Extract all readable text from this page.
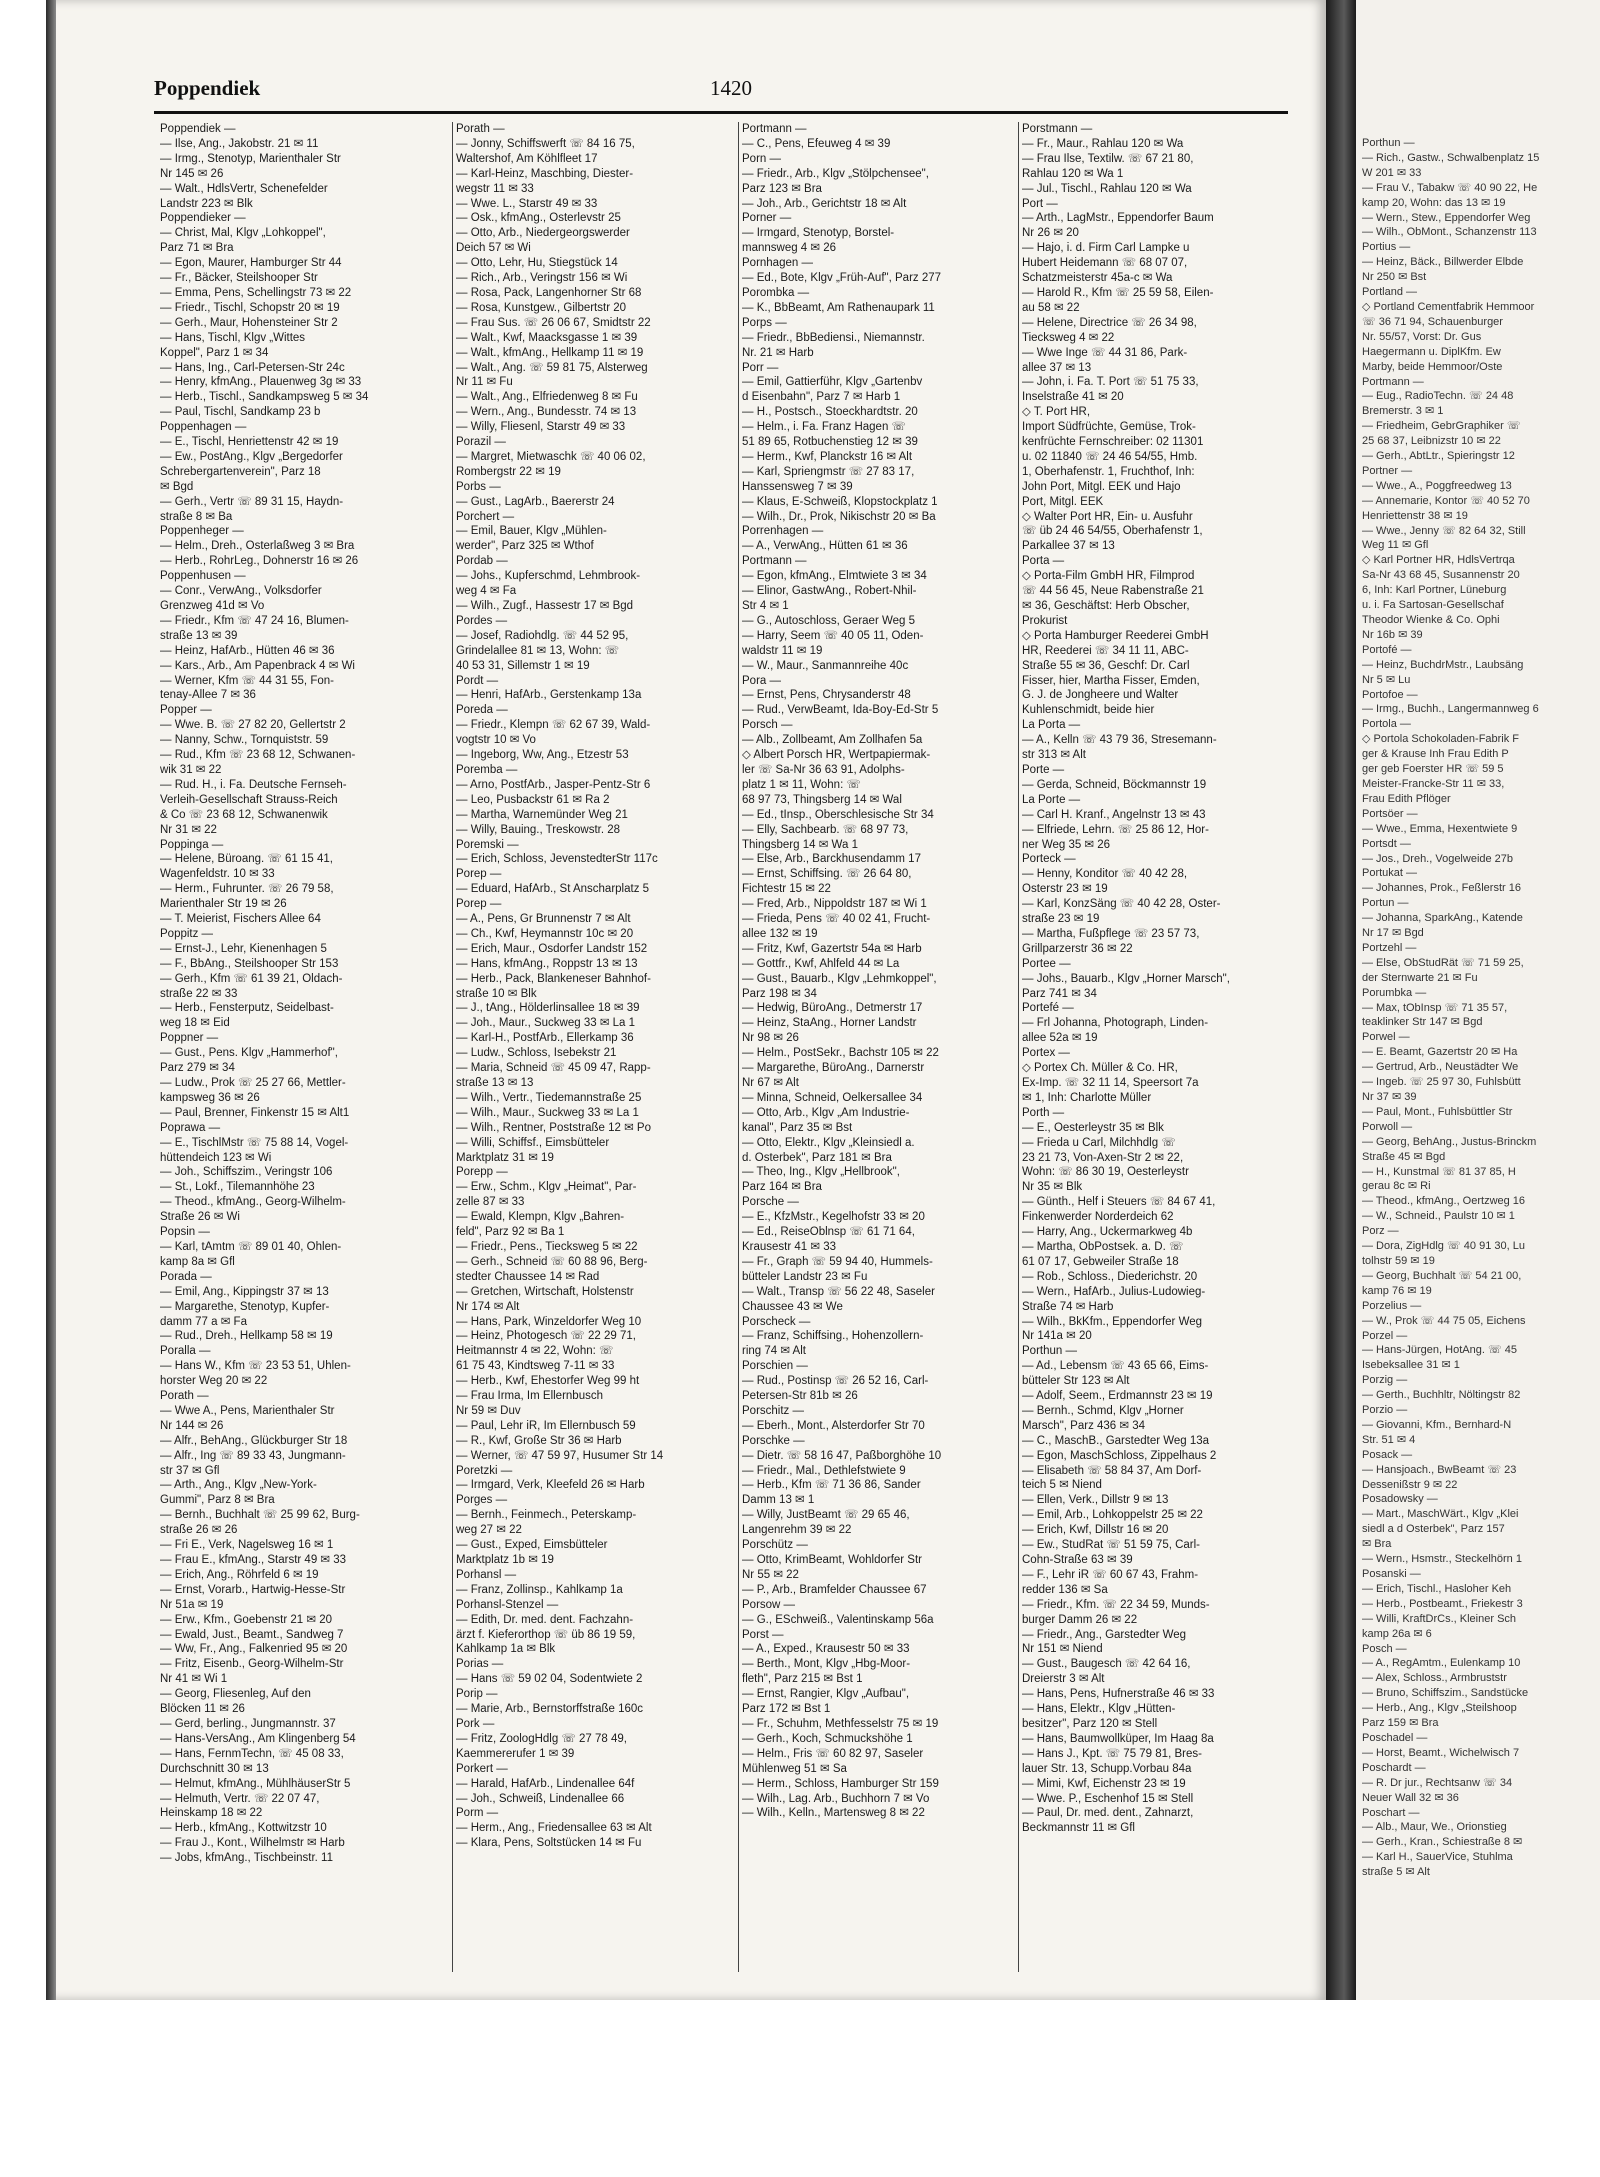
Poppendiek	1420
Poppendiek —
— Ilse, Ang., Jakobstr. 21 ✉ 11
— Irmg., Stenotyp, Marienthaler Str
Nr 145 ✉ 26
— Walt., HdlsVertr, Schenefelder
Landstr 223 ✉ Blk
Poppendieker —
— Christ, Mal, Klgv „Lohkoppel",
Parz 71 ✉ Bra
— Egon, Maurer, Hamburger Str 44
— Fr., Bäcker, Steilshooper Str
— Emma, Pens, Schellingstr 73 ✉ 22
— Friedr., Tischl, Schopstr 20 ✉ 19
— Gerh., Maur, Hohensteiner Str 2
— Hans, Tischl, Klgv „Wittes
Koppel", Parz 1 ✉ 34
— Hans, Ing., Carl-Petersen-Str 24c
— Henry, kfmAng., Plauenweg 3g ✉ 33
— Herb., Tischl., Sandkampsweg 5 ✉ 34
— Paul, Tischl, Sandkamp 23 b
Poppenhagen —
— E., Tischl, Henriettenstr 42 ✉ 19
— Ew., PostAng., Klgv „Bergedorfer
Schrebergartenverein", Parz 18
✉ Bgd
— Gerh., Vertr ☏ 89 31 15, Haydn-
straße 8 ✉ Ba
Poppenheger —
— Helm., Dreh., Osterlaßweg 3 ✉ Bra
— Herb., RohrLeg., Dohnerstr 16 ✉ 26
Poppenhusen —
— Conr., VerwAng., Volksdorfer
Grenzweg 41d ✉ Vo
— Friedr., Kfm ☏ 47 24 16, Blumen-
straße 13 ✉ 39
— Heinz, HafArb., Hütten 46 ✉ 36
— Kars., Arb., Am Papenbrack 4 ✉ Wi
— Werner, Kfm ☏ 44 31 55, Fon-
tenay-Allee 7 ✉ 36
Popper —
— Wwe. B. ☏ 27 82 20, Gellertstr 2
— Nanny, Schw., Tornquiststr. 59
— Rud., Kfm ☏ 23 68 12, Schwanen-
wik 31 ✉ 22
— Rud. H., i. Fa. Deutsche Fernseh-
Verleih-Gesellschaft Strauss-Reich
& Co ☏ 23 68 12, Schwanenwik
Nr 31 ✉ 22
Poppinga —
— Helene, Büroang. ☏ 61 15 41,
Wagenfeldstr. 10 ✉ 33
— Herm., Fuhrunter. ☏ 26 79 58,
Marienthaler Str 19 ✉ 26
— T. Meierist, Fischers Allee 64
Poppitz —
— Ernst-J., Lehr, Kienenhagen 5
— F., BbAng., Steilshooper Str 153
— Gerh., Kfm ☏ 61 39 21, Oldach-
straße 22 ✉ 33
— Herb., Fensterputz, Seidelbast-
weg 18 ✉ Eid
Poppner —
— Gust., Pens. Klgv „Hammerhof",
Parz 279 ✉ 34
— Ludw., Prok ☏ 25 27 66, Mettler-
kampsweg 36 ✉ 26
— Paul, Brenner, Finkenstr 15 ✉ Alt1
Poprawa —
— E., TischlMstr ☏ 75 88 14, Vogel-
hüttendeich 123 ✉ Wi
— Joh., Schiffszim., Veringstr 106
— St., Lokf., Tilemannhöhe 23
— Theod., kfmAng., Georg-Wilhelm-
Straße 26 ✉ Wi
Popsin —
— Karl, tAmtm ☏ 89 01 40, Ohlen-
kamp 8a ✉ Gfl
Porada —
— Emil, Ang., Kippingstr 37 ✉ 13
— Margarethe, Stenotyp, Kupfer-
damm 77 a ✉ Fa
— Rud., Dreh., Hellkamp 58 ✉ 19
Poralla —
— Hans W., Kfm ☏ 23 53 51, Uhlen-
horster Weg 20 ✉ 22
Porath —
— Wwe A., Pens, Marienthaler Str
Nr 144 ✉ 26
— Alfr., BehAng., Glückburger Str 18
— Alfr., Ing ☏ 89 33 43, Jungmann-
str 37 ✉ Gfl
— Arth., Ang., Klgv „New-York-
Gummi", Parz 8 ✉ Bra
— Bernh., Buchhalt ☏ 25 99 62, Burg-
straße 26 ✉ 26
— Fri E., Verk, Nagelsweg 16 ✉ 1
— Frau E., kfmAng., Starstr 49 ✉ 33
— Erich, Ang., Röhrfeld 6 ✉ 19
— Ernst, Vorarb., Hartwig-Hesse-Str
Nr 51a ✉ 19
— Erw., Kfm., Goebenstr 21 ✉ 20
— Ewald, Just., Beamt., Sandweg 7
— Ww, Fr., Ang., Falkenried 95 ✉ 20
— Fritz, Eisenb., Georg-Wilhelm-Str
Nr 41 ✉ Wi 1
— Georg, Fliesenleg, Auf den
Blöcken 11 ✉ 26
— Gerd, berling., Jungmannstr. 37
— Hans-VersAng., Am Klingenberg 54
— Hans, FernmTechn, ☏ 45 08 33,
Durchschnitt 30 ✉ 13
— Helmut, kfmAng., MühlhäuserStr 5
— Helmuth, Vertr. ☏ 22 07 47,
Heinskamp 18 ✉ 22
— Herb., kfmAng., Kottwitzstr 10
— Frau J., Kont., Wilhelmstr ✉ Harb
— Jobs, kfmAng., Tischbeinstr. 11
Porath —
— Jonny, Schiffswerft ☏ 84 16 75,
Waltershof, Am Köhlfleet 17
— Karl-Heinz, Maschbing, Diester-
wegstr 11 ✉ 33
— Wwe. L., Starstr 49 ✉ 33
— Osk., kfmAng., Osterlevstr 25
— Otto, Arb., Niedergeorgswerder
Deich 57 ✉ Wi
— Otto, Lehr, Hu, Stiegstück 14
— Rich., Arb., Veringstr 156 ✉ Wi
— Rosa, Pack, Langenhorner Str 68
— Rosa, Kunstgew., Gilbertstr 20
— Frau Sus. ☏ 26 06 67, Smidtstr 22
— Walt., Kwf, Maacksgasse 1 ✉ 39
— Walt., kfmAng., Hellkamp 11 ✉ 19
— Walt., Ang. ☏ 59 81 75, Alsterweg
Nr 11 ✉ Fu
— Walt., Ang., Elfriedenweg 8 ✉ Fu
— Wern., Ang., Bundesstr. 74 ✉ 13
— Willy, Fliesenl, Starstr 49 ✉ 33
Porazil —
— Margret, Mietwaschk ☏ 40 06 02,
Rombergstr 22 ✉ 19
Porbs —
— Gust., LagArb., Baererstr 24
Porchert —
— Emil, Bauer, Klgv „Mühlen-
werder", Parz 325 ✉ Wthof
Pordab —
— Johs., Kupferschmd, Lehmbrook-
weg 4 ✉ Fa
— Wilh., Zugf., Hassestr 17 ✉ Bgd
Pordes —
— Josef, Radiohdlg. ☏ 44 52 95,
Grindelallee 81 ✉ 13, Wohn: ☏
40 53 31, Sillemstr 1 ✉ 19
Pordt —
— Henri, HafArb., Gerstenkamp 13a
Poreda —
— Friedr., Klempn ☏ 62 67 39, Wald-
vogtstr 10 ✉ Vo
— Ingeborg, Ww, Ang., Etzestr 53
Poremba —
— Arno, PostfArb., Jasper-Pentz-Str 6
— Leo, Pusbackstr 61 ✉ Ra 2
— Martha, Warnemünder Weg 21
— Willy, Bauing., Treskowstr. 28
Poremski —
— Erich, Schloss, JevenstedterStr 117c
Porep —
— Eduard, HafArb., St Anscharplatz 5
Porep —
— A., Pens, Gr Brunnenstr 7 ✉ Alt
— Ch., Kwf, Heymannstr 10c ✉ 20
— Erich, Maur., Osdorfer Landstr 152
— Hans, kfmAng., Roppstr 13 ✉ 13
— Herb., Pack, Blankeneser Bahnhof-
straße 10 ✉ Blk
— J., tAng., Hölderlinsallee 18 ✉ 39
— Joh., Maur., Suckweg 33 ✉ La 1
— Karl-H., PostfArb., Ellerkamp 36
— Ludw., Schloss, Isebekstr 21
— Maria, Schneid ☏ 45 09 47, Rapp-
straße 13 ✉ 13
— Wilh., Vertr., Tiedemannstraße 25
— Wilh., Maur., Suckweg 33 ✉ La 1
— Wilh., Rentner, Poststraße 12 ✉ Po
— Willi, Schiffsf., Eimsbütteler
Marktplatz 31 ✉ 19
Porepp —
— Erw., Schm., Klgv „Heimat", Par-
zelle 87 ✉ 33
— Ewald, Klempn, Klgv „Bahren-
feld", Parz 92 ✉ Ba 1
— Friedr., Pens., Tiecksweg 5 ✉ 22
— Gerh., Schneid ☏ 60 88 96, Berg-
stedter Chaussee 14 ✉ Rad
— Gretchen, Wirtschaft, Holstenstr
Nr 174 ✉ Alt
— Hans, Park, Winzeldorfer Weg 10
— Heinz, Photogesch ☏ 22 29 71,
Heitmannstr 4 ✉ 22, Wohn: ☏
61 75 43, Kindtsweg 7-11 ✉ 33
— Herb., Kwf, Ehestorfer Weg 99 ht
— Frau Irma, Im Ellernbusch
Nr 59 ✉ Duv
— Paul, Lehr iR, Im Ellernbusch 59
— R., Kwf, Große Str 36 ✉ Harb
— Werner, ☏ 47 59 97, Husumer Str 14
Poretzki —
— Irmgard, Verk, Kleefeld 26 ✉ Harb
Porges —
— Bernh., Feinmech., Peterskamp-
weg 27 ✉ 22
— Gust., Exped, Eimsbütteler
Marktplatz 1b ✉ 19
Porhansl —
— Franz, Zollinsp., Kahlkamp 1a
Porhansl-Stenzel —
— Edith, Dr. med. dent. Fachzahn-
ärzt f. Kieferorthop ☏ üb 86 19 59,
Kahlkamp 1a ✉ Blk
Porias —
— Hans ☏ 59 02 04, Sodentwiete 2
Porip —
— Marie, Arb., Bernstorffstraße 160c
Pork —
— Fritz, ZoologHdlg ☏ 27 78 49,
Kaemmererufer 1 ✉ 39
Porkert —
— Harald, HafArb., Lindenallee 64f
— Joh., Schweiß, Lindenallee 66
Porm —
— Herm., Ang., Friedensallee 63 ✉ Alt
— Klara, Pens, Soltstücken 14 ✉ Fu
Portmann —
— C., Pens, Efeuweg 4 ✉ 39
Porn —
— Friedr., Arb., Klgv „Stölpchensee",
Parz 123 ✉ Bra
— Joh., Arb., Gerichtstr 18 ✉ Alt
Porner —
— Irmgard, Stenotyp, Borstel-
mannsweg 4 ✉ 26
Pornhagen —
— Ed., Bote, Klgv „Früh-Auf", Parz 277
Porombka —
— K., BbBeamt, Am Rathenaupark 11
Porps —
— Friedr., BbBediensi., Niemannstr.
Nr. 21 ✉ Harb
Porr —
— Emil, Gattierführ, Klgv „Gartenbv
d Eisenbahn", Parz 7 ✉ Harb 1
— H., Postsch., Stoeckhardtstr. 20
— Helm., i. Fa. Franz Hagen ☏
51 89 65, Rotbuchenstieg 12 ✉ 39
— Herm., Kwf, Planckstr 16 ✉ Alt
— Karl, Spriengmstr ☏ 27 83 17,
Hanssensweg 7 ✉ 39
— Klaus, E-Schweiß, Klopstockplatz 1
— Wilh., Dr., Prok, Nikischstr 20 ✉ Ba
Porrenhagen —
— A., VerwAng., Hütten 61 ✉ 36
Portmann —
— Egon, kfmAng., Elmtwiete 3 ✉ 34
— Elinor, GastwAng., Robert-Nhil-
Str 4 ✉ 1
— G., Autoschloss, Geraer Weg 5
— Harry, Seem ☏ 40 05 11, Oden-
waldstr 11 ✉ 19
— W., Maur., Sanmannreihe 40c
Pora —
— Ernst, Pens, Chrysanderstr 48
— Rud., VerwBeamt, Ida-Boy-Ed-Str 5
Porsch —
— Alb., Zollbeamt, Am Zollhafen 5a
◇ Albert Porsch HR, Wertpapiermak-
ler ☏ Sa-Nr 36 63 91, Adolphs-
platz 1 ✉ 11, Wohn: ☏
68 97 73, Thingsberg 14 ✉ Wal
— Ed., tInsp., Oberschlesische Str 34
— Elly, Sachbearb. ☏ 68 97 73,
Thingsberg 14 ✉ Wa 1
— Else, Arb., Barckhusendamm 17
— Ernst, Schiffsing. ☏ 26 64 80,
Fichtestr 15 ✉ 22
— Fred, Arb., Nippoldstr 187 ✉ Wi 1
— Frieda, Pens ☏ 40 02 41, Frucht-
allee 132 ✉ 19
— Fritz, Kwf, Gazertstr 54a ✉ Harb
— Gottfr., Kwf, Ahlfeld 44 ✉ La
— Gust., Bauarb., Klgv „Lehmkoppel",
Parz 198 ✉ 34
— Hedwig, BüroAng., Detmerstr 17
— Heinz, StaAng., Horner Landstr
Nr 98 ✉ 26
— Helm., PostSekr., Bachstr 105 ✉ 22
— Margarethe, BüroAng., Darnerstr
Nr 67 ✉ Alt
— Minna, Schneid, Oelkersallee 34
— Otto, Arb., Klgv „Am Industrie-
kanal", Parz 35 ✉ Bst
— Otto, Elektr., Klgv „Kleinsiedl a.
d. Osterbek", Parz 181 ✉ Bra
— Theo, Ing., Klgv „Hellbrook",
Parz 164 ✉ Bra
Porsche —
— E., KfzMstr., Kegelhofstr 33 ✉ 20
— Ed., ReiseOblnsp ☏ 61 71 64,
Krausestr 41 ✉ 33
— Fr., Graph ☏ 59 94 40, Hummels-
bütteler Landstr 23 ✉ Fu
— Walt., Transp ☏ 56 22 48, Saseler
Chaussee 43 ✉ We
Porscheck —
— Franz, Schiffsing., Hohenzollern-
ring 74 ✉ Alt
Porschien —
— Rud., Postinsp ☏ 26 52 16, Carl-
Petersen-Str 81b ✉ 26
Porschitz —
— Eberh., Mont., Alsterdorfer Str 70
Porschke —
— Dietr. ☏ 58 16 47, Paßborghöhe 10
— Friedr., Mal., Dethlefstwiete 9
— Herb., Kfm ☏ 71 36 86, Sander
Damm 13 ✉ 1
— Willy, JustBeamt ☏ 29 65 46,
Langenrehm 39 ✉ 22
Porschütz —
— Otto, KrimBeamt, Wohldorfer Str
Nr 55 ✉ 22
— P., Arb., Bramfelder Chaussee 67
Porsow —
— G., ESchweiß., Valentinskamp 56a
Porst —
— A., Exped., Krausestr 50 ✉ 33
— Berth., Mont, Klgv „Hbg-Moor-
fleth", Parz 215 ✉ Bst 1
— Ernst, Rangier, Klgv „Aufbau",
Parz 172 ✉ Bst 1
— Fr., Schuhm, Methfesselstr 75 ✉ 19
— Gerh., Koch, Schmuckshöhe 1
— Helm., Fris ☏ 60 82 97, Saseler
Mühlenweg 51 ✉ Sa
— Herm., Schloss, Hamburger Str 159
— Wilh., Lag. Arb., Buchhorn 7 ✉ Vo
— Wilh., Kelln., Martensweg 8 ✉ 22
Porstmann —
— Fr., Maur., Rahlau 120 ✉ Wa
— Frau Ilse, Textilw. ☏ 67 21 80,
Rahlau 120 ✉ Wa 1
— Jul., Tischl., Rahlau 120 ✉ Wa
Port —
— Arth., LagMstr., Eppendorfer Baum
Nr 26 ✉ 20
— Hajo, i. d. Firm Carl Lampke u
Hubert Heidemann ☏ 68 07 07,
Schatzmeisterstr 45a-c ✉ Wa
— Harold R., Kfm ☏ 25 59 58, Eilen-
au 58 ✉ 22
— Helene, Directrice ☏ 26 34 98,
Tiecksweg 4 ✉ 22
— Wwe Inge ☏ 44 31 86, Park-
allee 37 ✉ 13
— John, i. Fa. T. Port ☏ 51 75 33,
Inselstraße 41 ✉ 20
◇ T. Port HR,
Import Südfrüchte, Gemüse, Trok-
kenfrüchte Fernschreiber: 02 11301
u. 02 11840 ☏ 24 46 54/55, Hmb.
1, Oberhafenstr. 1, Fruchthof, Inh:
John Port, Mitgl. EEK und Hajo
Port, Mitgl. EEK
◇ Walter Port HR, Ein- u. Ausfuhr
☏ üb 24 46 54/55, Oberhafenstr 1,
Parkallee 37 ✉ 13
Porta —
◇ Porta-Film GmbH HR, Filmprod
☏ 44 56 45, Neue Rabenstraße 21
✉ 36, Geschäftst: Herb Obscher,
Prokurist
◇ Porta Hamburger Reederei GmbH
HR, Reederei ☏ 34 11 11, ABC-
Straße 55 ✉ 36, Geschf: Dr. Carl
Fisser, hier, Martha Fisser, Emden,
G. J. de Jongheere und Walter
Kuhlenschmidt, beide hier
La Porta —
— A., Kelln ☏ 43 79 36, Stresemann-
str 313 ✉ Alt
Porte —
— Gerda, Schneid, Böckmannstr 19
La Porte —
— Carl H. Kranf., Angelnstr 13 ✉ 43
— Elfriede, Lehrn. ☏ 25 86 12, Hor-
ner Weg 35 ✉ 26
Porteck —
— Henny, Konditor ☏ 40 42 28,
Osterstr 23 ✉ 19
— Karl, KonzSäng ☏ 40 42 28, Oster-
straße 23 ✉ 19
— Martha, Fußpflege ☏ 23 57 73,
Grillparzerstr 36 ✉ 22
Portee —
— Johs., Bauarb., Klgv „Horner Marsch",
Parz 741 ✉ 34
Portefé —
— Frl Johanna, Photograph, Linden-
allee 52a ✉ 19
Portex —
◇ Portex Ch. Müller & Co. HR,
Ex-Imp. ☏ 32 11 14, Speersort 7a
✉ 1, Inh: Charlotte Müller
Porth —
— E., Oesterleystr 35 ✉ Blk
— Frieda u Carl, Milchhdlg ☏
23 21 73, Von-Axen-Str 2 ✉ 22,
Wohn: ☏ 86 30 19, Oesterleystr
Nr 35 ✉ Blk
— Günth., Helf i Steuers ☏ 84 67 41,
Finkenwerder Norderdeich 62
— Harry, Ang., Uckermarkweg 4b
— Martha, ObPostsek. a. D. ☏
61 07 17, Gebweiler Straße 18
— Rob., Schloss., Diederichstr. 20
— Wern., HafArb., Julius-Ludowieg-
Straße 74 ✉ Harb
— Wilh., BkKfm., Eppendorfer Weg
Nr 141a ✉ 20
Porthun —
— Ad., Lebensm ☏ 43 65 66, Eims-
bütteler Str 123 ✉ Alt
— Adolf, Seem., Erdmannstr 23 ✉ 19
— Bernh., Schmd, Klgv „Horner
Marsch", Parz 436 ✉ 34
— C., MaschB., Garstedter Weg 13a
— Egon, MaschSchloss, Zippelhaus 2
— Elisabeth ☏ 58 84 37, Am Dorf-
teich 5 ✉ Niend
— Ellen, Verk., Dillstr 9 ✉ 13
— Emil, Arb., Lohkoppelstr 25 ✉ 22
— Erich, Kwf, Dillstr 16 ✉ 20
— Ew., StudRat ☏ 51 59 75, Carl-
Cohn-Straße 63 ✉ 39
— F., Lehr iR ☏ 60 67 43, Frahm-
redder 136 ✉ Sa
— Friedr., Kfm. ☏ 22 34 59, Munds-
burger Damm 26 ✉ 22
— Friedr., Ang., Garstedter Weg
Nr 151 ✉ Niend
— Gust., Baugesch ☏ 42 64 16,
Dreierstr 3 ✉ Alt
— Hans, Pens, Hufnerstraße 46 ✉ 33
— Hans, Elektr., Klgv „Hütten-
besitzer", Parz 120 ✉ Stell
— Hans, Baumwollküper, Im Haag 8a
— Hans J., Kpt. ☏ 75 79 81, Bres-
lauer Str. 13, Schupp.Vorbau 84a
— Mimi, Kwf, Eichenstr 23 ✉ 19
— Wwe. P., Eschenhof 15 ✉ Stell
— Paul, Dr. med. dent., Zahnarzt,
Beckmannstr 11 ✉ Gfl
Porthun —
— Rich., Gastw., Schwalbenplatz 15
W 201 ✉ 33
— Frau V., Tabakw ☏ 40 90 22, He
kamp 20, Wohn: das 13 ✉ 19
— Wern., Stew., Eppendorfer Weg
— Wilh., ObMont., Schanzenstr 113
Portius —
— Heinz, Bäck., Billwerder Elbde
Nr 250 ✉ Bst
Portland —
◇ Portland Cementfabrik Hemmoor
☏ 36 71 94, Schauenburger
Nr. 55/57, Vorst: Dr. Gus
Haegermann u. DiplKfm. Ew
Marby, beide Hemmoor/Oste
Portmann —
— Eug., RadioTechn. ☏ 24 48
Bremerstr. 3 ✉ 1
— Friedheim, GebrGraphiker ☏
25 68 37, Leibnizstr 10 ✉ 22
— Gerh., AbtLtr., Spieringstr 12
Portner —
— Wwe., A., Poggfreedweg 13
— Annemarie, Kontor ☏ 40 52 70
Henriettenstr 38 ✉ 19
— Wwe., Jenny ☏ 82 64 32, Still
Weg 11 ✉ Gfl
◇ Karl Portner HR, HdlsVertrqa
Sa-Nr 43 68 45, Susannenstr 20
6, Inh: Karl Portner, Lüneburg
u. i. Fa Sartosan-Gesellschaf
Theodor Wienke & Co. Ophi
Nr 16b ✉ 39
Portofé —
— Heinz, BuchdrMstr., Laubsäng
Nr 5 ✉ Lu
Portofoe —
— Irmg., Buchh., Langermannweg 6
Portola —
◇ Portola Schokoladen-Fabrik F
ger & Krause Inh Frau Edith P
ger geb Foerster HR ☏ 59 5
Meister-Francke-Str 11 ✉ 33,
Frau Edith Pflöger
Portsöer —
— Wwe., Emma, Hexentwiete 9
Portsdt —
— Jos., Dreh., Vogelweide 27b
Portukat —
— Johannes, Prok., Feßlerstr 16
Portun —
— Johanna, SparkAng., Katende
Nr 17 ✉ Bgd
Portzehl —
— Else, ObStudRät ☏ 71 59 25,
der Sternwarte 21 ✉ Fu
Porumbka —
— Max, tObInsp ☏ 71 35 57,
teaklinker Str 147 ✉ Bgd
Porwel —
— E. Beamt, Gazertstr 20 ✉ Ha
— Gertrud, Arb., Neustädter We
— Ingeb. ☏ 25 97 30, Fuhlsbütt
Nr 37 ✉ 39
— Paul, Mont., Fuhlsbüttler Str
Porwoll —
— Georg, BehAng., Justus-Brinckm
Straße 45 ✉ Bgd
— H., Kunstmal ☏ 81 37 85, H
gerau 8c ✉ Ri
— Theod., kfmAng., Oertzweg 16
— W., Schneid., Paulstr 10 ✉ 1
Porz —
— Dora, ZigHdlg ☏ 40 91 30, Lu
tolhstr 59 ✉ 19
— Georg, Buchhalt ☏ 54 21 00,
kamp 76 ✉ 19
Porzelius —
— W., Prok ☏ 44 75 05, Eichens
Porzel —
— Hans-Jürgen, HotAng. ☏ 45
Isebeksallee 31 ✉ 1
Porzig —
— Gerth., Buchhltr, Nöltingstr 82
Porzio —
— Giovanni, Kfm., Bernhard-N
Str. 51 ✉ 4
Posack —
— Hansjoach., BwBeamt ☏ 23
Dessenißstr 9 ✉ 22
Posadowsky —
— Mart., MaschWärt., Klgv „Klei
siedl a d Osterbek", Parz 157
✉ Bra
— Wern., Hsmstr., Steckelhörn 1
Posanski —
— Erich, Tischl., Hasloher Keh
— Herb., Postbeamt., Friekestr 3
— Willi, KraftDrCs., Kleiner Sch
kamp 26a ✉ 6
Posch —
— A., RegAmtm., Eulenkamp 10
— Alex, Schloss., Armbruststr
— Bruno, Schiffszim., Sandstücke
— Herb., Ang., Klgv „Steilshoop
Parz 159 ✉ Bra
Poschadel —
— Horst, Beamt., Wichelwisch 7
Poschardt —
— R. Dr jur., Rechtsanw ☏ 34
Neuer Wall 32 ✉ 36
Poschart —
— Alb., Maur, We., Orionstieg
— Gerh., Kran., Schiestraße 8 ✉
— Karl H., SauerVice, Stuhlma
straße 5 ✉ Alt
